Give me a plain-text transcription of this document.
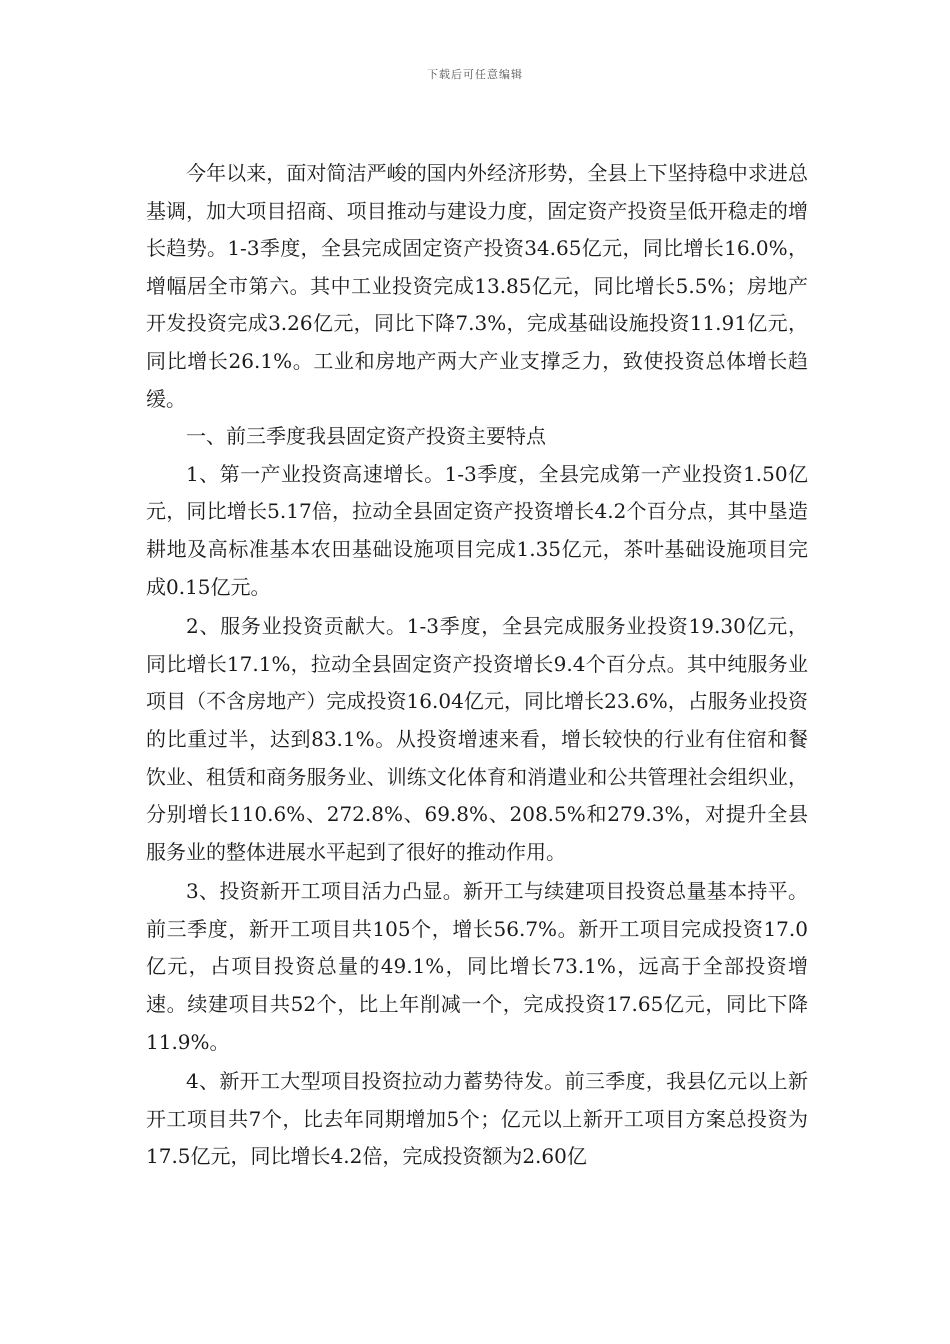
下载后可任意编辑

今年以来，面对简洁严峻的国内外经济形势，全县上下坚持稳中求进总基调，加大项目招商、项目推动与建设力度，固定资产投资呈低开稳走的增长趋势。1-3季度，全县完成固定资产投资34.65亿元，同比增长16.0%，增幅居全市第六。其中工业投资完成13.85亿元，同比增长5.5%；房地产开发投资完成3.26亿元，同比下降7.3%，完成基础设施投资11.91亿元，同比增长26.1%。工业和房地产两大产业支撑乏力，致使投资总体增长趋缓。

一、前三季度我县固定资产投资主要特点

1、第一产业投资高速增长。1-3季度，全县完成第一产业投资1.50亿元，同比增长5.17倍，拉动全县固定资产投资增长4.2个百分点，其中垦造耕地及高标准基本农田基础设施项目完成1.35亿元，茶叶基础设施项目完成0.15亿元。

2、服务业投资贡献大。1-3季度，全县完成服务业投资19.30亿元，同比增长17.1%，拉动全县固定资产投资增长9.4个百分点。其中纯服务业项目（不含房地产）完成投资16.04亿元，同比增长23.6%，占服务业投资的比重过半，达到83.1%。从投资增速来看，增长较快的行业有住宿和餐饮业、租赁和商务服务业、训练文化体育和消遣业和公共管理社会组织业，分别增长110.6%、272.8%、69.8%、208.5%和279.3%，对提升全县服务业的整体进展水平起到了很好的推动作用。

3、投资新开工项目活力凸显。新开工与续建项目投资总量基本持平。前三季度，新开工项目共105个，增长56.7%。新开工项目完成投资17.0亿元，占项目投资总量的49.1%，同比增长73.1%，远高于全部投资增速。续建项目共52个，比上年削减一个，完成投资17.65亿元，同比下降11.9%。

4、新开工大型项目投资拉动力蓄势待发。前三季度，我县亿元以上新开工项目共7个，比去年同期增加5个；亿元以上新开工项目方案总投资为17.5亿元，同比增长4.2倍，完成投资额为2.60亿
